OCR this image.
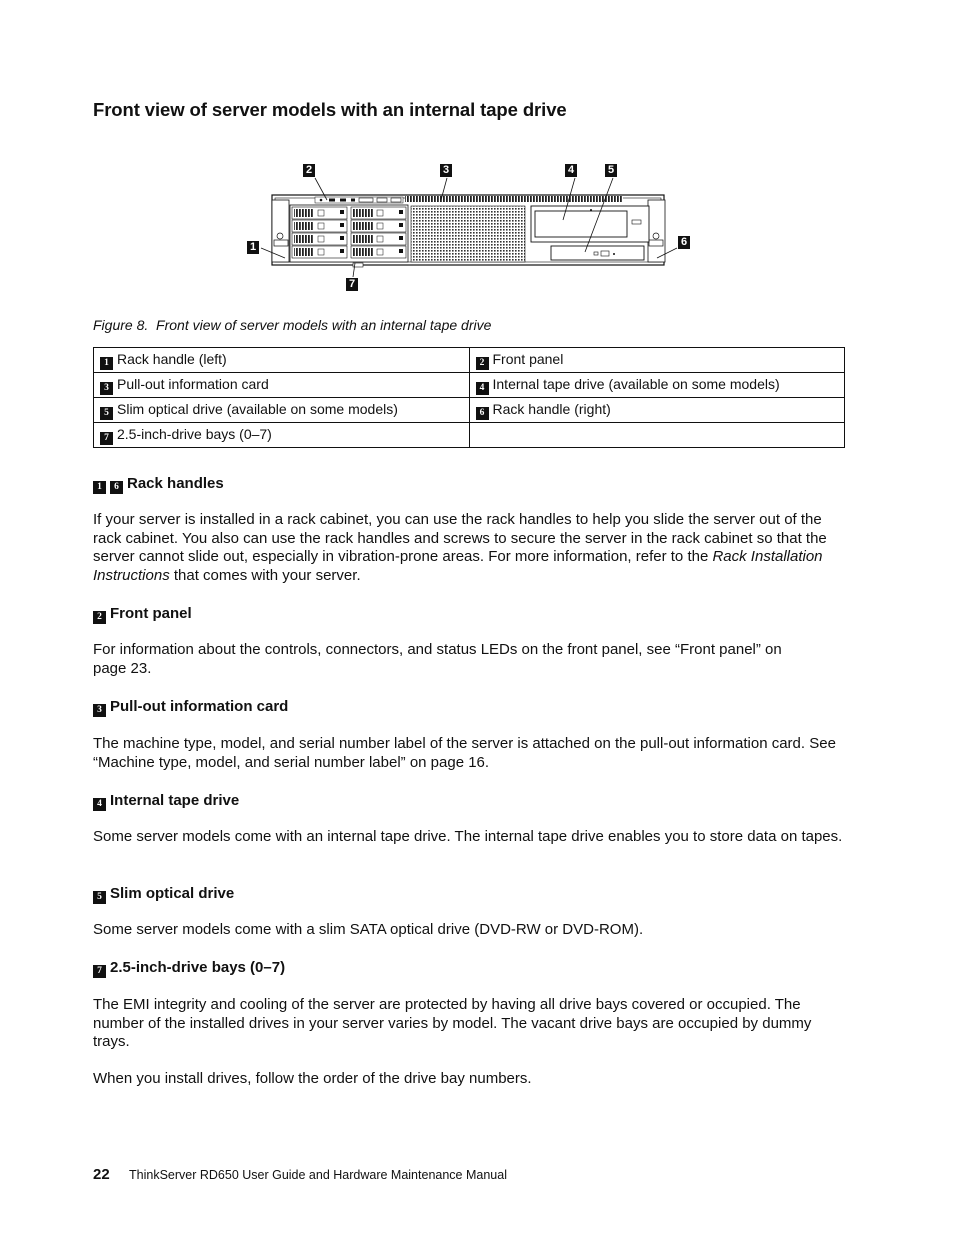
Front view of server models with an internal tape drive
1
2	3	4	5
6
7
Figure 8. Front view of server models with an internal tape drive
1 Rack handle (left)	2 Front panel
3 Pull-out information card	4 Internal tape drive (available on some models)
5 Slim optical drive (available on some models)	6 Rack handle (right)
7 2.5-inch-drive bays (0–7)	
1 6 Rack handles

If your server is installed in a rack cabinet, you can use the rack handles to help you slide the server out of the rack cabinet. You also can use the rack handles and screws to secure the server in the rack cabinet so that the server cannot slide out, especially in vibration-prone areas. For more information, refer to the Rack Installation Instructions that comes with your server.

2 Front panel

For information about the controls, connectors, and status LEDs on the front panel, see “Front panel” on page 23.

3 Pull-out information card

The machine type, model, and serial number label of the server is attached on the pull-out information card. See “Machine type, model, and serial number label” on page 16.

4 Internal tape drive

Some server models come with an internal tape drive. The internal tape drive enables you to store data on tapes.

5 Slim optical drive

Some server models come with a slim SATA optical drive (DVD-RW or DVD-ROM).

7 2.5-inch-drive bays (0–7)

The EMI integrity and cooling of the server are protected by having all drive bays covered or occupied. The number of the installed drives in your server varies by model. The vacant drive bays are occupied by dummy trays.

When you install drives, follow the order of the drive bay numbers.

22 ThinkServer RD650 User Guide and Hardware Maintenance Manual
